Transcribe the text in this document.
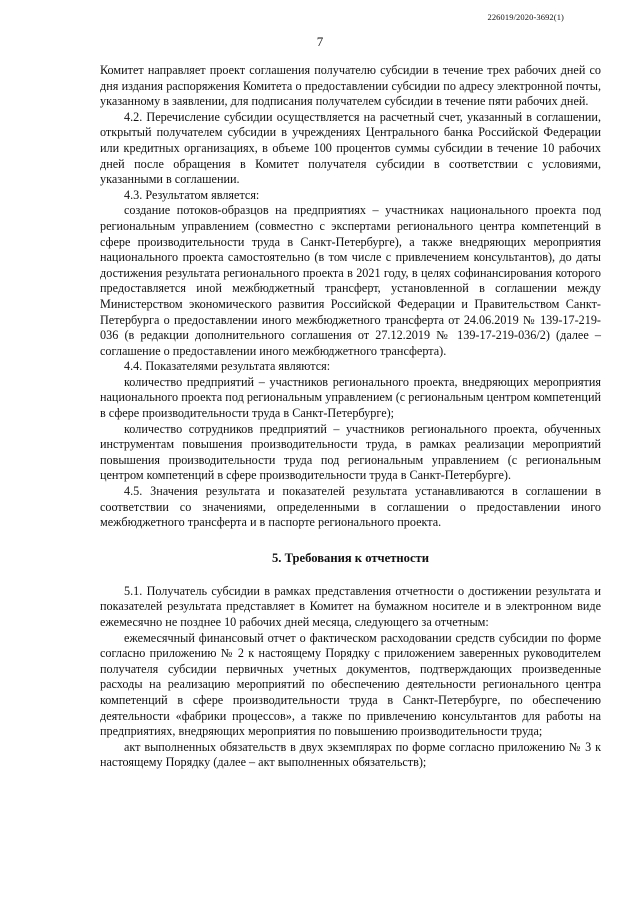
226019/2020-3692(1)
7

Комитет направляет проект соглашения получателю субсидии в течение трех рабочих дней со дня издания распоряжения Комитета о предоставлении субсидии по адресу электронной почты, указанному в заявлении, для подписания получателем субсидии в течение пяти рабочих дней.

4.2. Перечисление субсидии осуществляется на расчетный счет, указанный в соглашении, открытый получателем субсидии в учреждениях Центрального банка Российской Федерации или кредитных организациях, в объеме 100 процентов суммы субсидии в течение 10 рабочих дней после обращения в Комитет получателя субсидии в соответствии с условиями, указанными в соглашении.

4.3. Результатом является:

создание потоков-образцов на предприятиях – участниках национального проекта под региональным управлением (совместно с экспертами регионального центра компетенций в сфере производительности труда в Санкт-Петербурге), а также внедряющих мероприятия национального проекта самостоятельно (в том числе с привлечением консультантов), до даты достижения результата регионального проекта в 2021 году, в целях софинансирования которого предоставляется иной межбюджетный трансферт, установленной в соглашении между Министерством экономического развития Российской Федерации и Правительством Санкт-Петербурга о предоставлении иного межбюджетного трансферта от 24.06.2019 № 139-17-219-036 (в редакции дополнительного соглашения от 27.12.2019 № 139-17-219-036/2) (далее – соглашение о предоставлении иного межбюджетного трансферта).

4.4. Показателями результата являются:

количество предприятий – участников регионального проекта, внедряющих мероприятия национального проекта под региональным управлением (с региональным центром компетенций в сфере производительности труда в Санкт-Петербурге);

количество сотрудников предприятий – участников регионального проекта, обученных инструментам повышения производительности труда, в рамках реализации мероприятий повышения производительности труда под региональным управлением (с региональным центром компетенций в сфере производительности труда в Санкт-Петербурге).

4.5. Значения результата и показателей результата устанавливаются в соглашении в соответствии со значениями, определенными в соглашении о предоставлении иного межбюджетного трансферта и в паспорте регионального проекта.

5. Требования к отчетности

5.1. Получатель субсидии в рамках представления отчетности о достижении результата и показателей результата представляет в Комитет на бумажном носителе и в электронном виде ежемесячно не позднее 10 рабочих дней месяца, следующего за отчетным:

ежемесячный финансовый отчет о фактическом расходовании средств субсидии по форме согласно приложению № 2 к настоящему Порядку с приложением заверенных руководителем получателя субсидии первичных учетных документов, подтверждающих произведенные расходы на реализацию мероприятий по обеспечению деятельности регионального центра компетенций в сфере производительности труда в Санкт-Петербурге, по обеспечению деятельности «фабрики процессов», а также по привлечению консультантов для работы на предприятиях, внедряющих мероприятия по повышению производительности труда;

акт выполненных обязательств в двух экземплярах по форме согласно приложению № 3 к настоящему Порядку (далее – акт выполненных обязательств);
